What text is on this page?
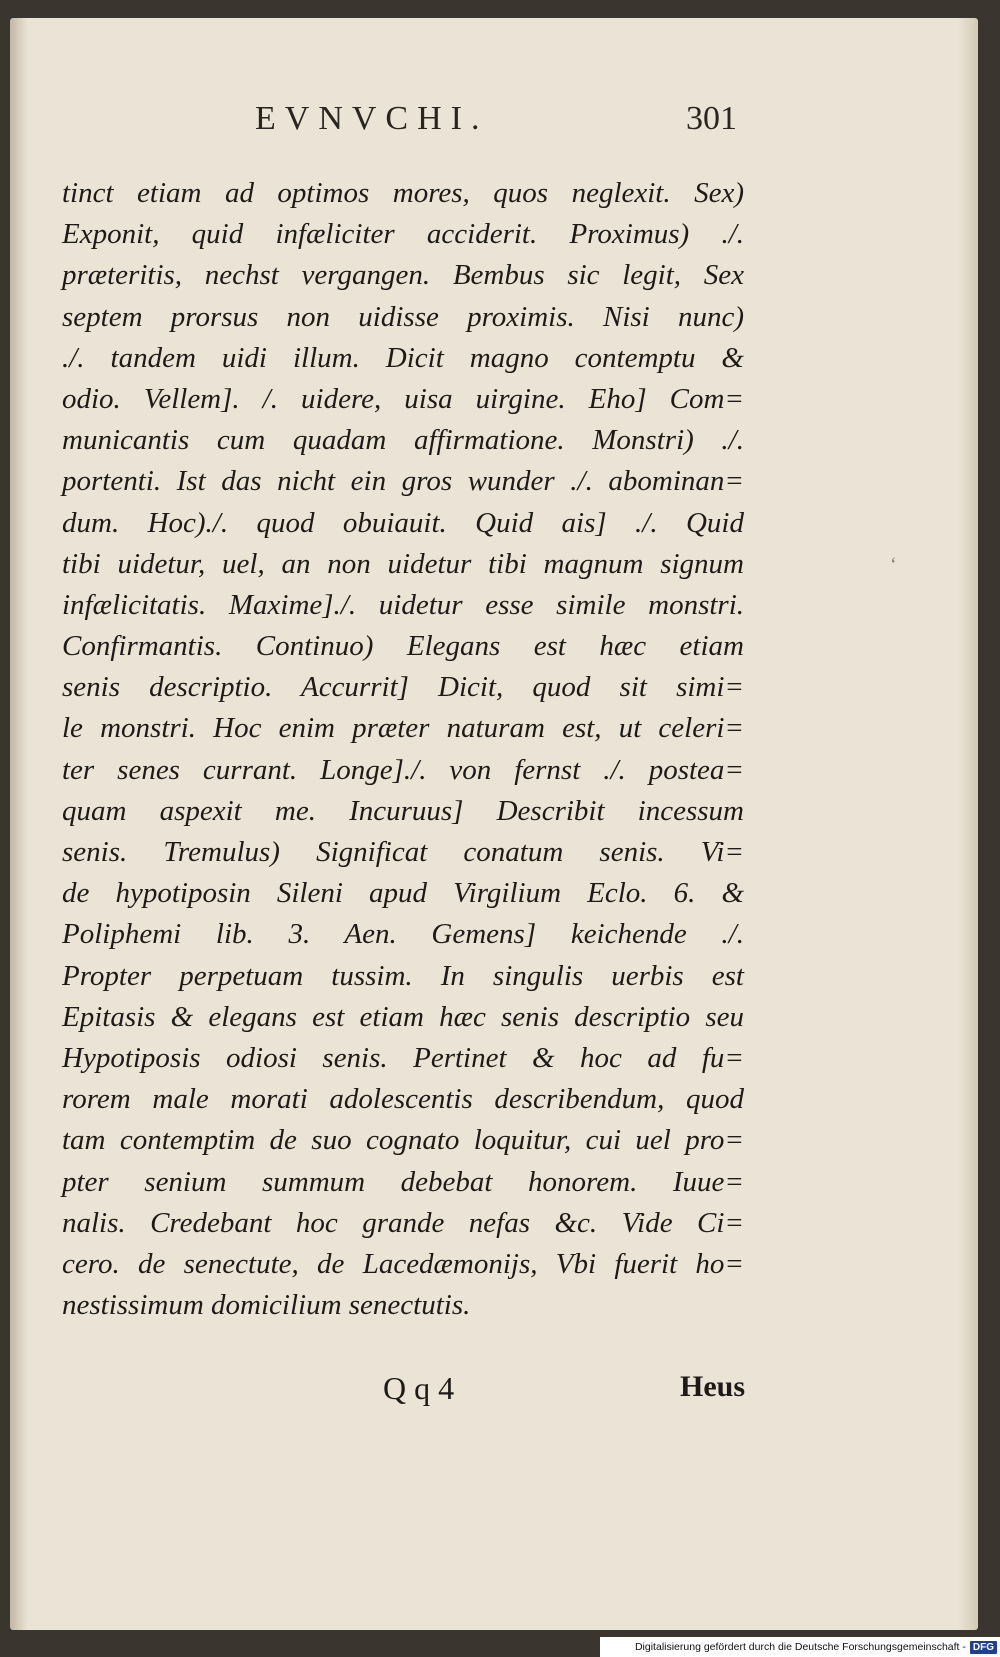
EVNVCHI.	301
tinct etiam ad optimos mores, quos neglexit. Sex)
Exponit, quid infæliciter acciderit. Proximus) ./.
præteritis, nechst vergangen. Bembus sic legit, Sex
septem prorsus non uidisse proximis. Nisi nunc)
./. tandem uidi illum. Dicit magno contemptu &
odio. Vellem]. /. uidere, uisa uirgine. Eho] Com=
municantis cum quadam affirmatione. Monstri) ./.
portenti. Ist das nicht ein gros wunder ./. abominan=
dum. Hoc)./. quod obuiauit. Quid ais] ./. Quid
tibi uidetur, uel, an non uidetur tibi magnum signum
infælicitatis. Maxime]./. uidetur esse simile monstri.
Confirmantis. Continuo) Elegans est hæc etiam
senis descriptio. Accurrit] Dicit, quod sit simi=
le monstri. Hoc enim præter naturam est, ut celeri=
ter senes currant. Longe]./. von fernst ./. postea=
quam aspexit me. Incuruus] Describit incessum
senis. Tremulus) Significat conatum senis. Vi=
de hypotiposin Sileni apud Virgilium Eclo. 6. &
Poliphemi lib. 3. Aen. Gemens] keichende ./.
Propter perpetuam tussim. In singulis uerbis est
Epitasis & elegans est etiam hæc senis descriptio seu
Hypotiposis odiosi senis. Pertinet & hoc ad fu=
rorem male morati adolescentis describendum, quod
tam contemptim de suo cognato loquitur, cui uel pro=
pter senium summum debebat honorem. Iuue=
nalis. Credebant hoc grande nefas &c. Vide Ci=
cero. de senectute, de Lacedæmonijs, Vbi fuerit ho=
nestissimum domicilium senectutis.
‘
Q q 4	Heus
Digitalisierung gefördert durch die Deutsche Forschungsgemeinschaft - DFG
